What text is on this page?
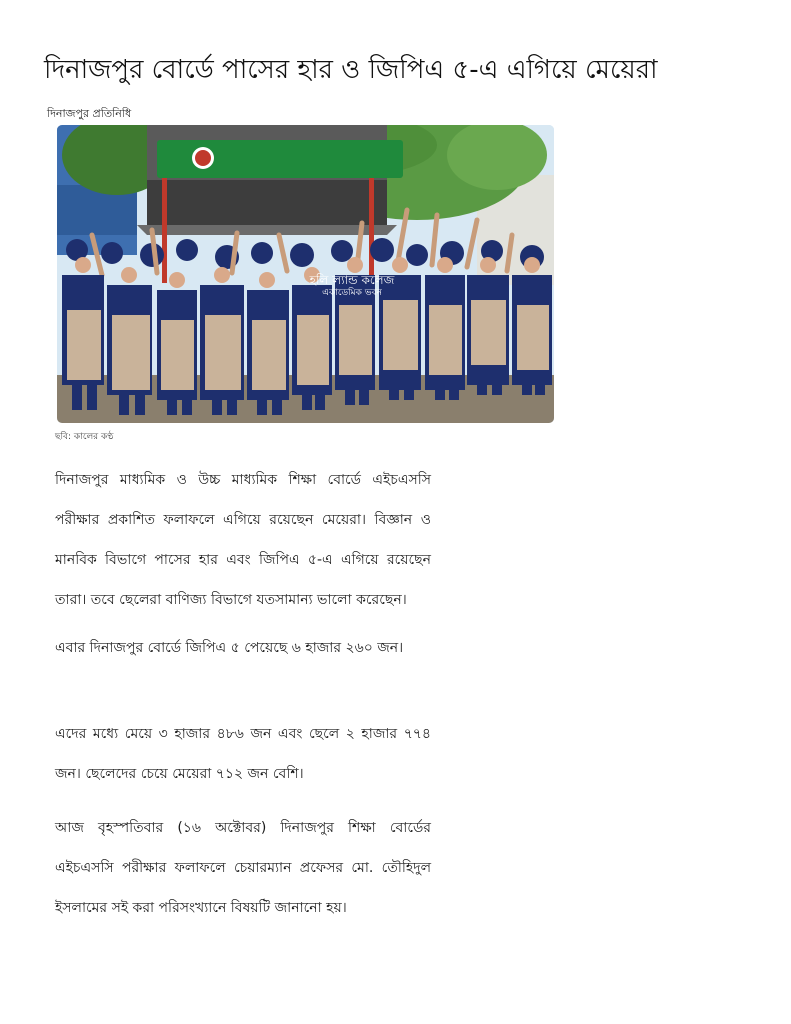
দিনাজপুর বোর্ডে পাসের হার ও জিপিএ ৫-এ এগিয়ে মেয়েরা
দিনাজপুর প্রতিনিধি
হলি ল্যান্ড কলেজ
একাডেমিক ভবন
ছবি: কালের কণ্ঠ

দিনাজপুর মাধ্যমিক ও উচ্চ মাধ্যমিক শিক্ষা বোর্ডে এইচএসসি পরীক্ষার প্রকাশিত ফলাফলে এগিয়ে রয়েছেন মেয়েরা। বিজ্ঞান ও মানবিক বিভাগে পাসের হার এবং জিপিএ ৫-এ এগিয়ে রয়েছেন তারা। তবে ছেলেরা বাণিজ্য বিভাগে যতসামান্য ভালো করেছেন।

এবার দিনাজপুর বোর্ডে জিপিএ ৫ পেয়েছে ৬ হাজার ২৬০ জন।

এদের মধ্যে মেয়ে ৩ হাজার ৪৮৬ জন এবং ছেলে ২ হাজার ৭৭৪ জন। ছেলেদের চেয়ে মেয়েরা ৭১২ জন বেশি।

আজ বৃহস্পতিবার (১৬ অক্টোবর) দিনাজপুর শিক্ষা বোর্ডের এইচএসসি পরীক্ষার ফলাফলে চেয়ারম্যান প্রফেসর মো. তৌহিদুল ইসলামের সই করা পরিসংখ্যানে বিষয়টি জানানো হয়।
